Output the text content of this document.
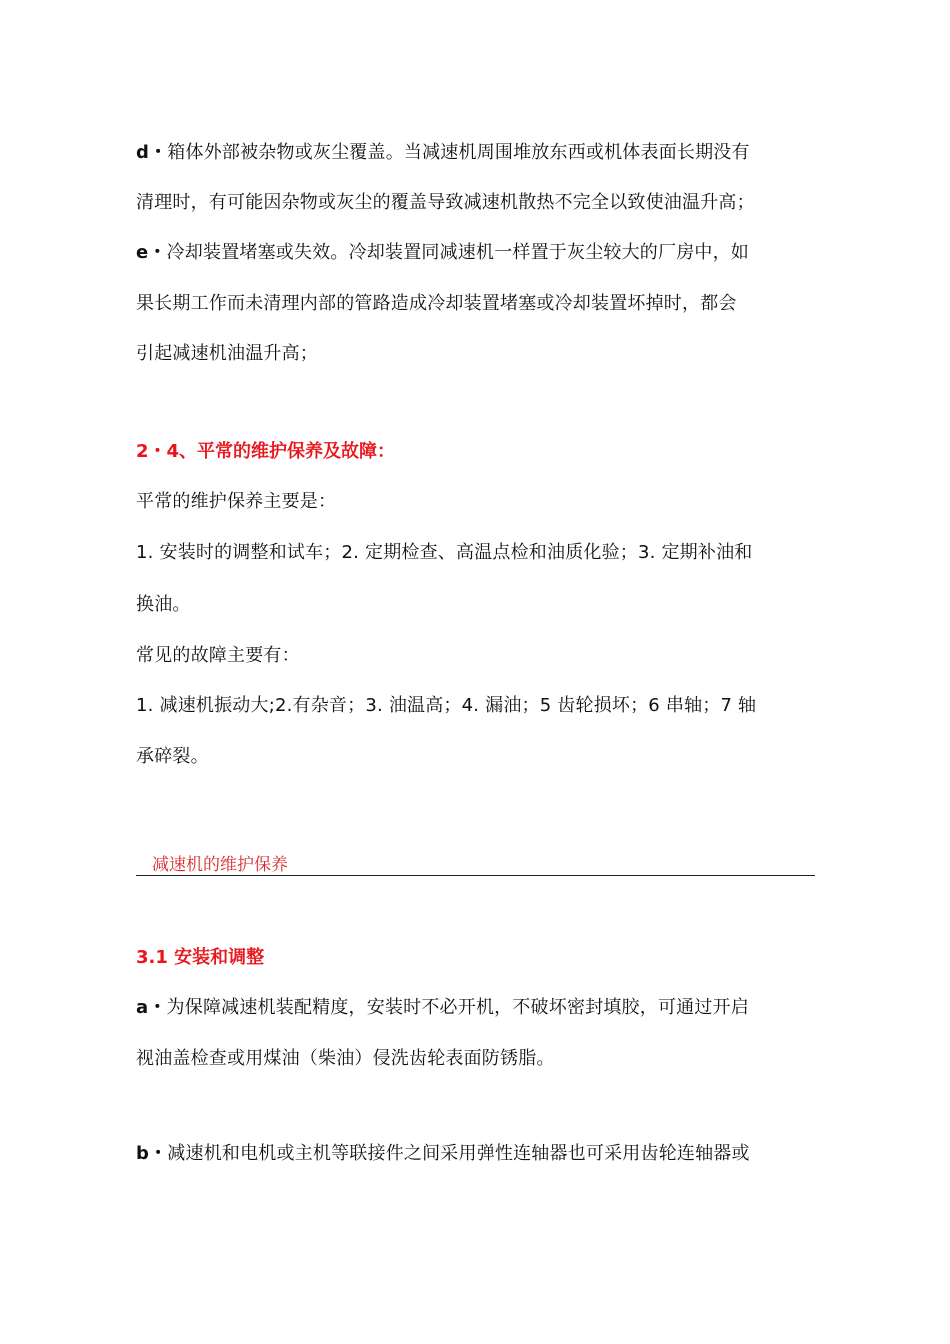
d・箱体外部被杂物或灰尘覆盖。当减速机周围堆放东西或机体表面长期没有
清理时，有可能因杂物或灰尘的覆盖导致减速机散热不完全以致使油温升高；
e・冷却装置堵塞或失效。冷却装置同减速机一样置于灰尘较大的厂房中，如
果长期工作而未清理内部的管路造成冷却装置堵塞或冷却装置坏掉时，都会
引起减速机油温升高；
2・4、平常的维护保养及故障：
平常的维护保养主要是：
1. 安装时的调整和试车；2. 定期检查、高温点检和油质化验；3. 定期补油和
换油。
常见的故障主要有：
1. 减速机振动大;2.有杂音；3. 油温高；4. 漏油；5 齿轮损坏；6 串轴；7 轴
承碎裂。
减速机的维护保养
3.1 安装和调整
a・为保障减速机装配精度，安装时不必开机，不破坏密封填胶，可通过开启
视油盖检查或用煤油（柴油）侵洗齿轮表面防锈脂。
b・减速机和电机或主机等联接件之间采用弹性连轴器也可采用齿轮连轴器或
